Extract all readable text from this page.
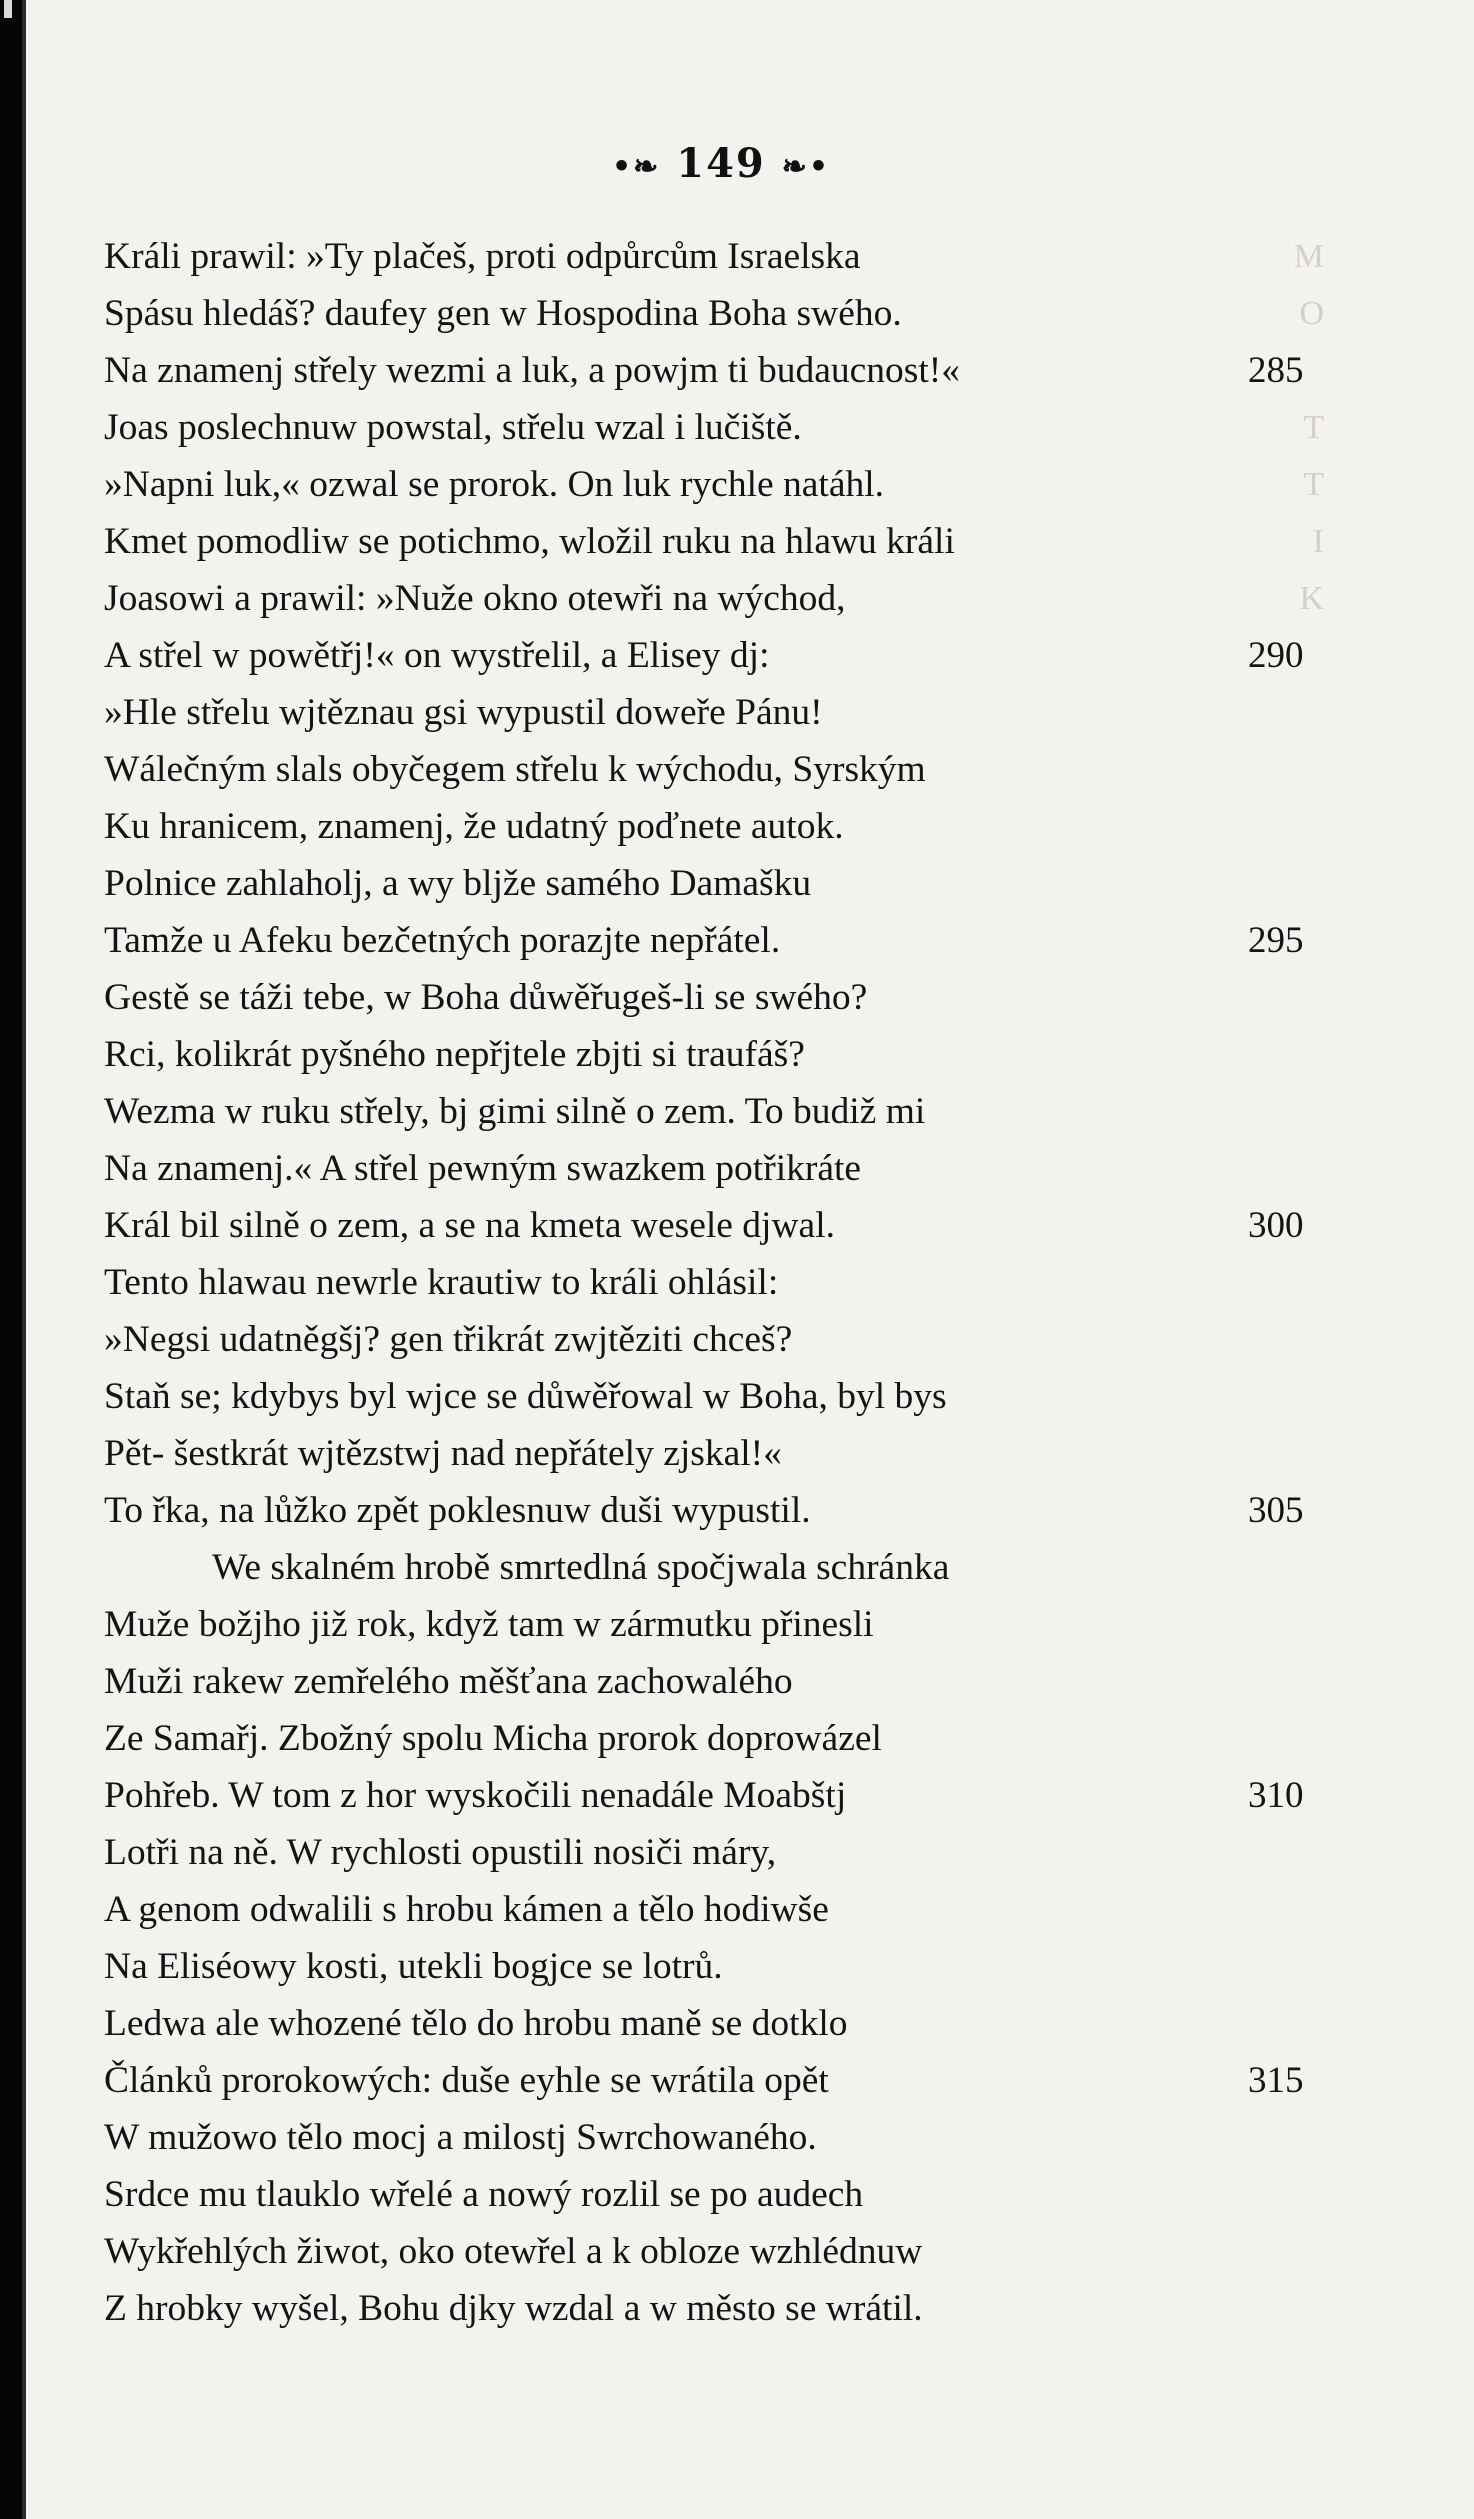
•❧ 149 ❧•
M
O
T
T
I
K
Králi prawil: »Ty plačeš, proti odpůrcům Israelska
Spásu hledáš? daufey gen w Hospodina Boha swého.
Na znamenj střely wezmi a luk, a powjm ti budaucnost!«	285
Joas poslechnuw powstal, střelu wzal i lučiště.
»Napni luk,« ozwal se prorok. On luk rychle natáhl.
Kmet pomodliw se potichmo, wložil ruku na hlawu králi
Joasowi a prawil: »Nuže okno otewři na wýchod,
A střel w powětřj!« on wystřelil, a Elisey dj:	290
»Hle střelu wjtěznau gsi wypustil doweře Pánu!
Wálečným slals obyčegem střelu k wýchodu, Syrským
Ku hranicem, znamenj, že udatný poďnete autok.
Polnice zahlaholj, a wy bljže samého Damašku
Tamže u Afeku bezčetných porazjte nepřátel.	295
Gestě se táži tebe, w Boha důwěřugeš-li se swého?
Rci, kolikrát pyšného nepřjtele zbjti si traufáš?
Wezma w ruku střely, bj gimi silně o zem. To budiž mi
Na znamenj.« A střel pewným swazkem potřikráte
Král bil silně o zem, a se na kmeta wesele djwal.	300
Tento hlawau newrle krautiw to králi ohlásil:
»Negsi udatněgšj? gen třikrát zwjtěziti chceš?
Staň se; kdybys byl wjce se důwěřowal w Boha, byl bys
Pět- šestkrát wjtězstwj nad nepřátely zjskal!«
To řka, na lůžko zpět poklesnuw duši wypustil.	305
We skalném hrobě smrtedlná spočjwala schránka
Muže božjho již rok, když tam w zármutku přinesli
Muži rakew zemřelého měšťana zachowalého
Ze Samařj. Zbožný spolu Micha prorok doprowázel
Pohřeb. W tom z hor wyskočili nenadále Moabštj	310
Lotři na ně. W rychlosti opustili nosiči máry,
A genom odwalili s hrobu kámen a tělo hodiwše
Na Eliséowy kosti, utekli bogjce se lotrů.
Ledwa ale whozené tělo do hrobu maně se dotklo
Článků prorokowých: duše eyhle se wrátila opět	315
W mužowo tělo mocj a milostj Swrchowaného.
Srdce mu tlauklo wřelé a nowý rozlil se po audech
Wykřehlých žiwot, oko otewřel a k obloze wzhlédnuw
Z hrobky wyšel, Bohu djky wzdal a w město se wrátil.
